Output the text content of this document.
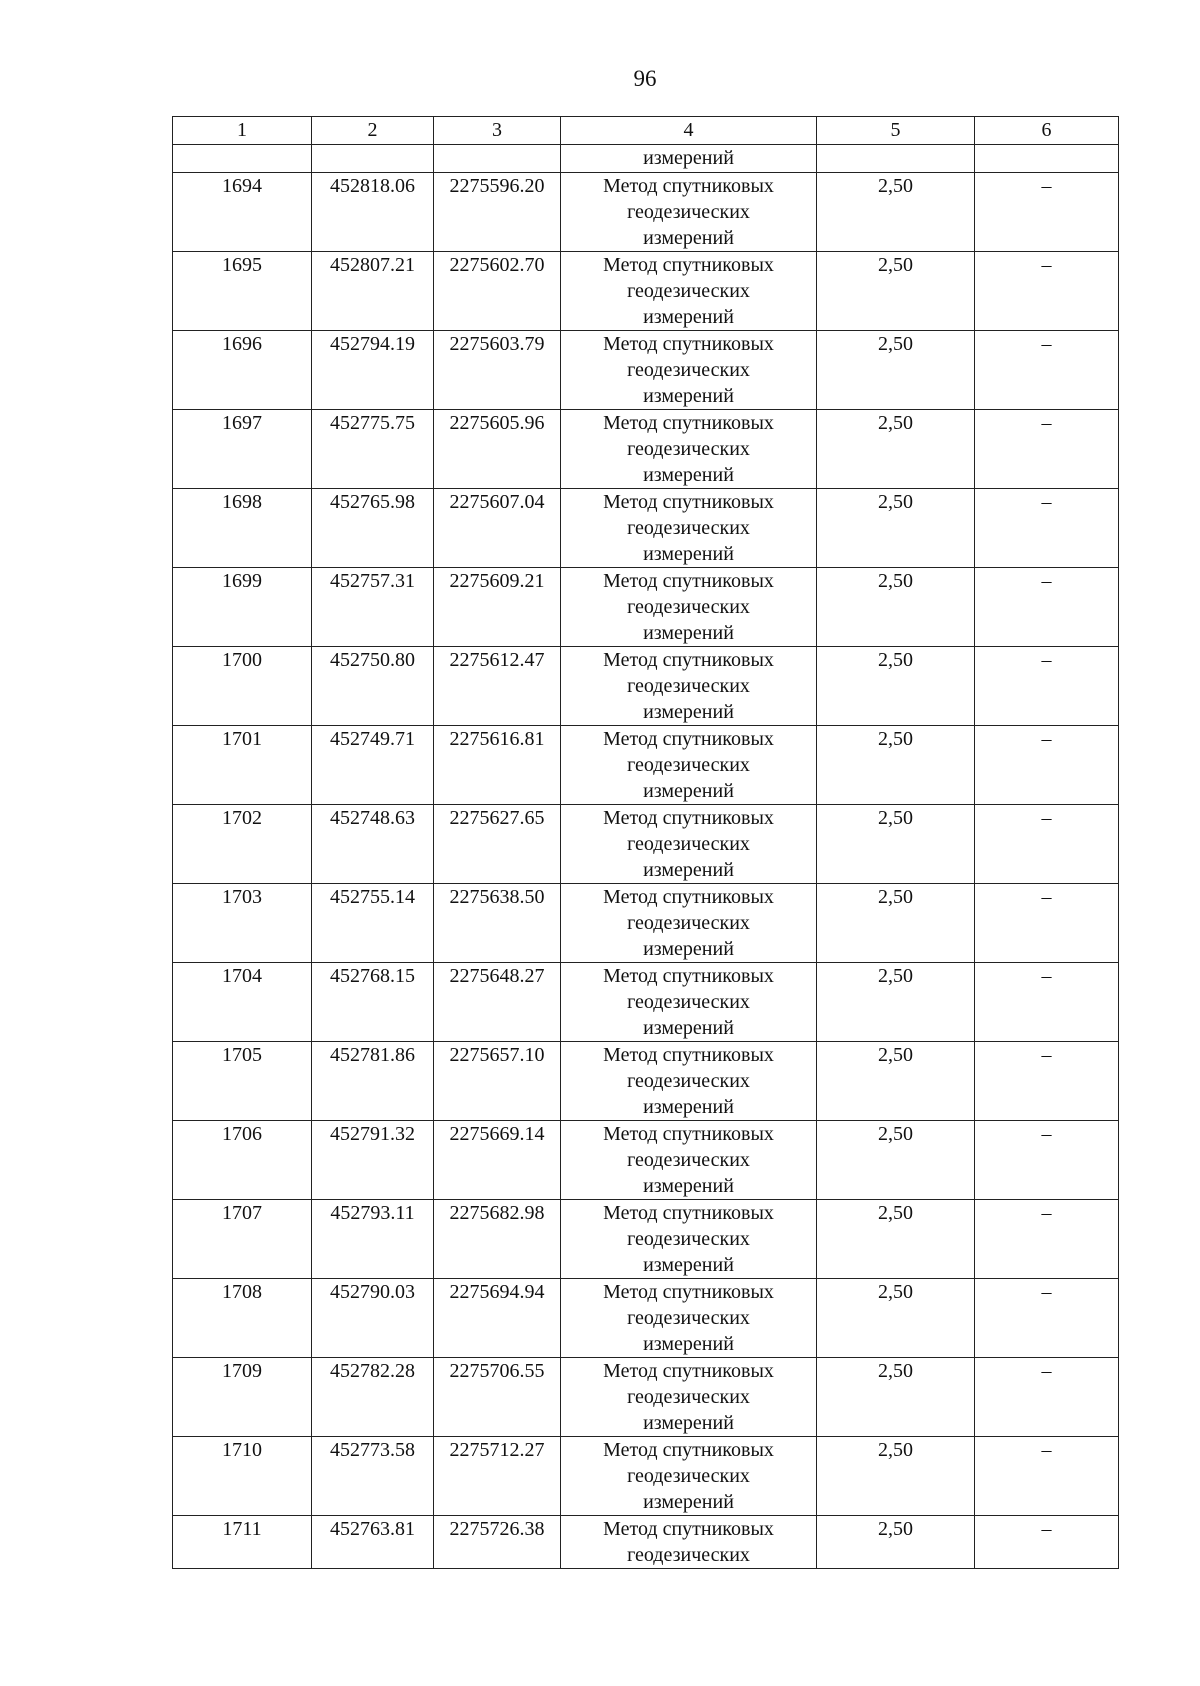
96
1	2	3	4	5	6
			измерений		
1694	452818.06	2275596.20	Метод спутниковых
геодезических
измерений	2,50	–
1695	452807.21	2275602.70	Метод спутниковых
геодезических
измерений	2,50	–
1696	452794.19	2275603.79	Метод спутниковых
геодезических
измерений	2,50	–
1697	452775.75	2275605.96	Метод спутниковых
геодезических
измерений	2,50	–
1698	452765.98	2275607.04	Метод спутниковых
геодезических
измерений	2,50	–
1699	452757.31	2275609.21	Метод спутниковых
геодезических
измерений	2,50	–
1700	452750.80	2275612.47	Метод спутниковых
геодезических
измерений	2,50	–
1701	452749.71	2275616.81	Метод спутниковых
геодезических
измерений	2,50	–
1702	452748.63	2275627.65	Метод спутниковых
геодезических
измерений	2,50	–
1703	452755.14	2275638.50	Метод спутниковых
геодезических
измерений	2,50	–
1704	452768.15	2275648.27	Метод спутниковых
геодезических
измерений	2,50	–
1705	452781.86	2275657.10	Метод спутниковых
геодезических
измерений	2,50	–
1706	452791.32	2275669.14	Метод спутниковых
геодезических
измерений	2,50	–
1707	452793.11	2275682.98	Метод спутниковых
геодезических
измерений	2,50	–
1708	452790.03	2275694.94	Метод спутниковых
геодезических
измерений	2,50	–
1709	452782.28	2275706.55	Метод спутниковых
геодезических
измерений	2,50	–
1710	452773.58	2275712.27	Метод спутниковых
геодезических
измерений	2,50	–
1711	452763.81	2275726.38	Метод спутниковых
геодезических	2,50	–
